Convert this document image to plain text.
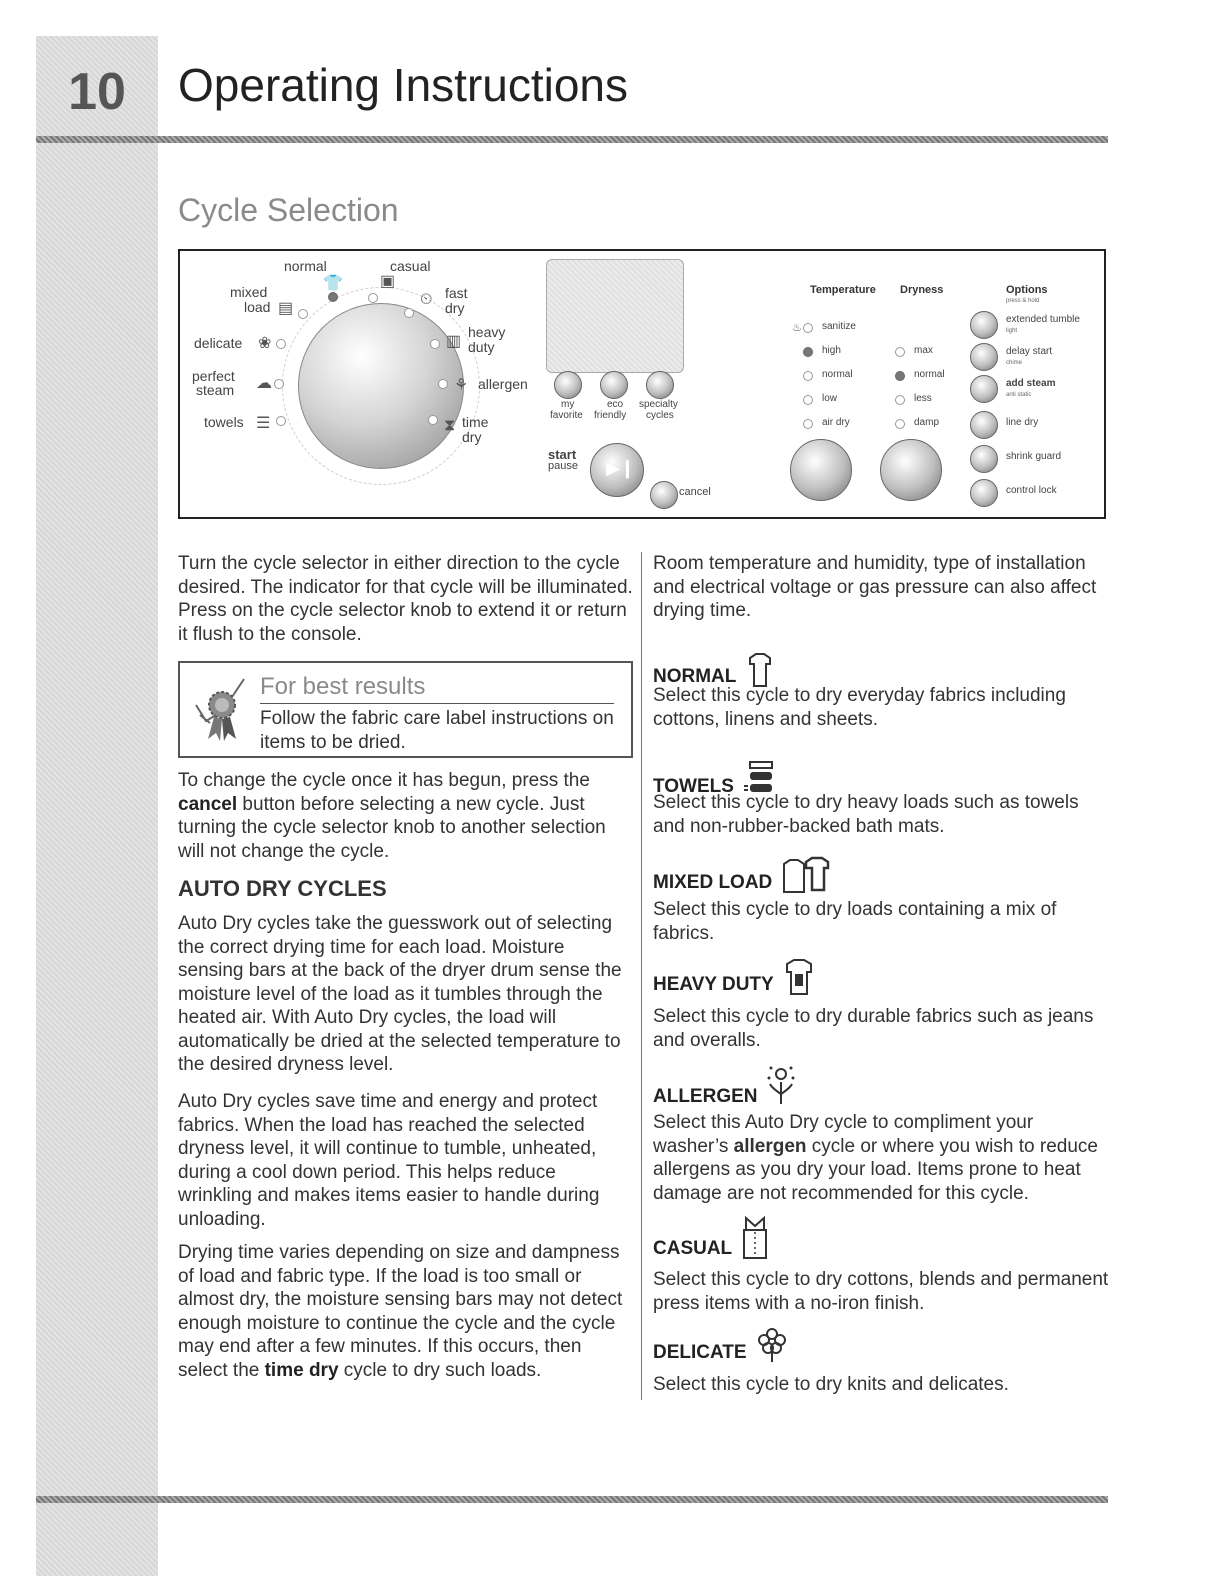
10	Operating Instructions
Cycle Selection
normal	casual
👕 ▣
mixed
load ▤
fast
dry
⏲
delicate ❀
heavy
duty
▥
perfect
steam ☁	allergen
⚘
towels ☰	time
dry
⧗
my
favorite
eco
friendly
specialty
cycles
start
pause
▶❙
cancel
Temperature
♨ sanitize
high
normal
low
air dry
Dryness
max
normal
less
damp
Options
press & hold
extended tumble
light
delay start
chime
add steam
anti static
line dry
shrink guard
control lock

Turn the cycle selector in either direction to the cycle desired. The indicator for that cycle will be illuminated. Press on the cycle selector knob to extend it or return it flush to the console.

For best results
Follow the fabric care label instructions on items to be dried.

To change the cycle once it has begun, press the cancel button before selecting a new cycle. Just turning the cycle selector knob to another selection will not change the cycle.

AUTO DRY CYCLES

Auto Dry cycles take the guesswork out of selecting the correct drying time for each load. Moisture sensing bars at the back of the dryer drum sense the moisture level of the load as it tumbles through the heated air. With Auto Dry cycles, the load will automatically be dried at the selected temperature to the desired dryness level.

Auto Dry cycles save time and energy and protect fabrics. When the load has reached the selected dryness level, it will continue to tumble, unheated, during a cool down period. This helps reduce wrinkling and makes items easier to handle during unloading.

Drying time varies depending on size and dampness of load and fabric type. If the load is too small or almost dry, the moisture sensing bars may not detect enough moisture to continue the cycle and the cycle may end after a few minutes. If this occurs, then select the time dry cycle to dry such loads.

Room temperature and humidity, type of installation and electrical voltage or gas pressure can also affect drying time.

NORMAL
Select this cycle to dry everyday fabrics including cottons, linens and sheets.
TOWELS
Select this cycle to dry heavy loads such as towels and non-rubber-backed bath mats.
MIXED LOAD
Select this cycle to dry loads containing a mix of fabrics.
HEAVY DUTY
Select this cycle to dry durable fabrics such as jeans and overalls.
ALLERGEN
Select this Auto Dry cycle to compliment your washer’s allergen cycle or where you wish to reduce allergens as you dry your load. Items prone to heat damage are not recommended for this cycle.
CASUAL
Select this cycle to dry cottons, blends and permanent press items with a no-iron finish.
DELICATE
Select this cycle to dry knits and delicates.
